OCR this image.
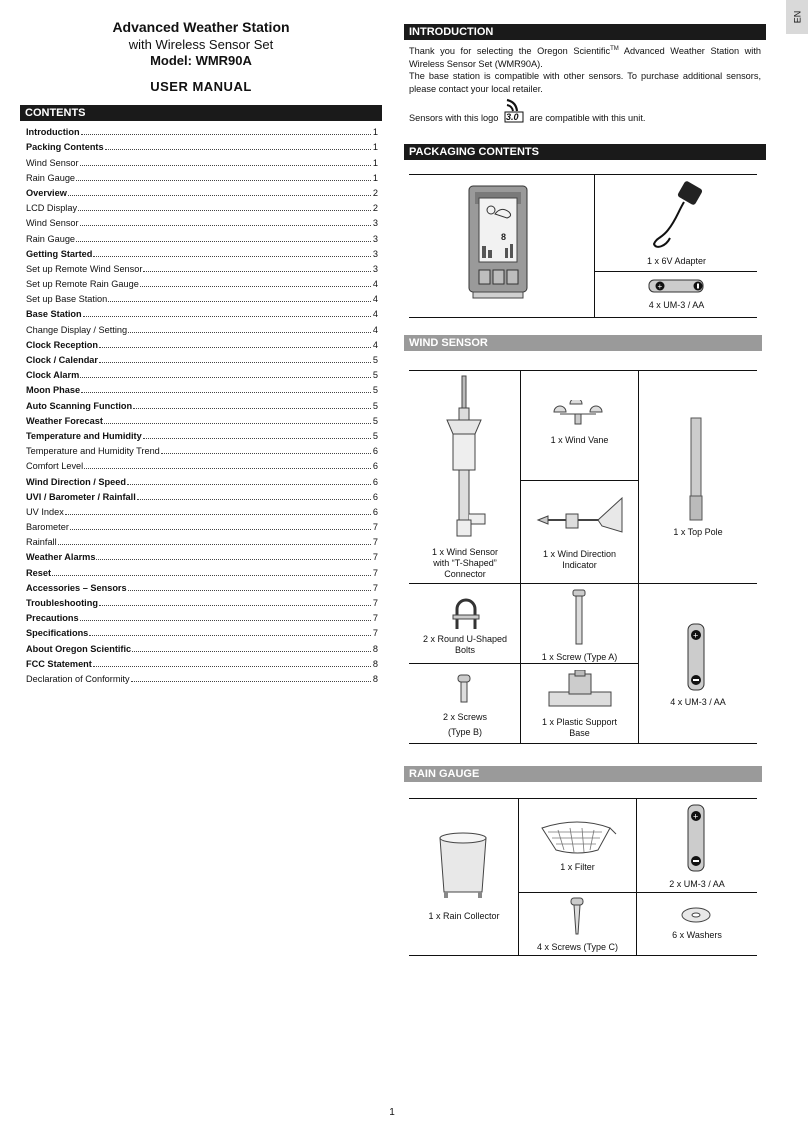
EN
Advanced Weather Station
with Wireless Sensor Set
Model: WMR90A
USER MANUAL
CONTENTS
Introduction	1
Packing Contents	1
Wind Sensor	1
Rain Gauge	1
Overview	2
LCD Display	2
Wind Sensor	3
Rain Gauge	3
Getting Started	3
Set up Remote Wind Sensor	3
Set up Remote Rain Gauge	4
Set up Base Station	4
Base Station	4
Change Display / Setting	4
Clock Reception	4
Clock / Calendar	5
Clock Alarm	5
Moon Phase	5
Auto Scanning Function	5
Weather Forecast	5
Temperature and Humidity	5
Temperature and Humidity Trend	6
Comfort Level	6
Wind Direction / Speed	6
UVI / Barometer / Rainfall	6
UV Index	6
Barometer	7
Rainfall	7
Weather Alarms	7
Reset	7
Accessories – Sensors	7
Troubleshooting	7
Precautions	7
Specifications	7
About Oregon Scientific	8
FCC Statement	8
Declaration of Conformity	8
INTRODUCTION
Thank you for selecting the Oregon Scientific™ Advanced Weather Station with Wireless Sensor Set (WMR90A).
The base station is compatible with other sensors. To purchase additional sensors, please contact your local retailer.
Sensors with this logo 3.0 are compatible with this unit.
PACKAGING CONTENTS
8
1 x 6V Adapter
+
4 x UM-3 / AA
WIND SENSOR
1 x Wind Sensor
with “T-Shaped”
Connector
1 x Wind Vane
1 x Wind Direction
Indicator
1 x Top Pole
2 x Round U-Shaped
Bolts
1 x Screw (Type A)
+
4 x UM-3 / AA
2 x Screws
(Type B)
1 x Plastic Support
Base
RAIN GAUGE
1 x Rain Collector
1 x Filter
+
2 x UM-3 / AA
4 x Screws (Type C)
6 x Washers
1
